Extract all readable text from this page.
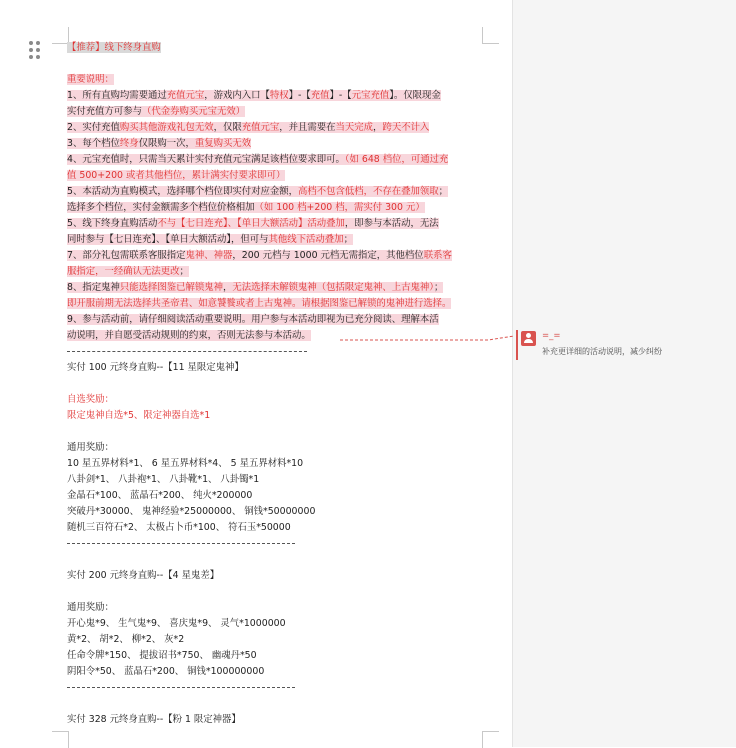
【推荐】线下终身直购
重要说明：
1、所有直购均需要通过充值元宝，游戏内入口【特权】-【充值】-【元宝充值】。仅限现金
实付充值方可参与（代金券购买元宝无效）
2、实付充值购买其他游戏礼包无效，仅限充值元宝，并且需要在当天完成，跨天不计入
3、每个档位终身仅限购一次，重复购买无效
4、元宝充值时，只需当天累计实付充值元宝满足该档位要求即可。（如 648 档位，可通过充
值 500+200 或者其他档位，累计满实付要求即可）
5、本活动为直购模式，选择哪个档位即实付对应金额，高档不包含低档，不存在叠加领取；
选择多个档位，实付金额需多个档位价格相加（如 100 档+200 档，需实付 300 元）
5、线下终身直购活动不与【七日连充】、【单日大额活动】活动叠加，即参与本活动，无法
同时参与【七日连充】、【单日大额活动】，但可与其他线下活动叠加；
7、部分礼包需联系客服指定鬼神、神器，200 元档与 1000 元档无需指定，其他档位联系客
服指定，一经确认无法更改；
8、指定鬼神只能选择图鉴已解锁鬼神，无法选择未解锁鬼神（包括限定鬼神、上古鬼神）；
即开服前期无法选择共圣帝君、如意饕餮或者上古鬼神。请根据图鉴已解锁的鬼神进行选择。
9、参与活动前，请仔细阅读活动重要说明。用户参与本活动即视为已充分阅读、理解本活
动说明，并自愿受活动规则的约束，否则无法参与本活动。
实付 100 元终身直购--【11 星限定鬼神】
自选奖励：
限定鬼神自选*5、限定神器自选*1
通用奖励：
10 星五界材料*1、 6 星五界材料*4、 5 星五界材料*10
八卦剑*1、 八卦袍*1、 八卦靴*1、 八卦镯*1
金晶石*100、 蓝晶石*200、 纯火*200000
突破丹*30000、 鬼神经验*25000000、 铜钱*50000000
随机三百符石*2、 太极占卜币*100、 符石玉*50000
实付 200 元终身直购--【4 星鬼差】
通用奖励：
开心鬼*9、 生气鬼*9、 喜庆鬼*9、 灵气*1000000
黄*2、 胡*2、 柳*2、 灰*2
任命令牌*150、 提拔诏书*750、 幽魂丹*50
阴阳令*50、 蓝晶石*200、 铜钱*100000000
实付 328 元终身直购--【粉 1 限定神器】
=_=
补充更详细的活动说明，减少纠纷
